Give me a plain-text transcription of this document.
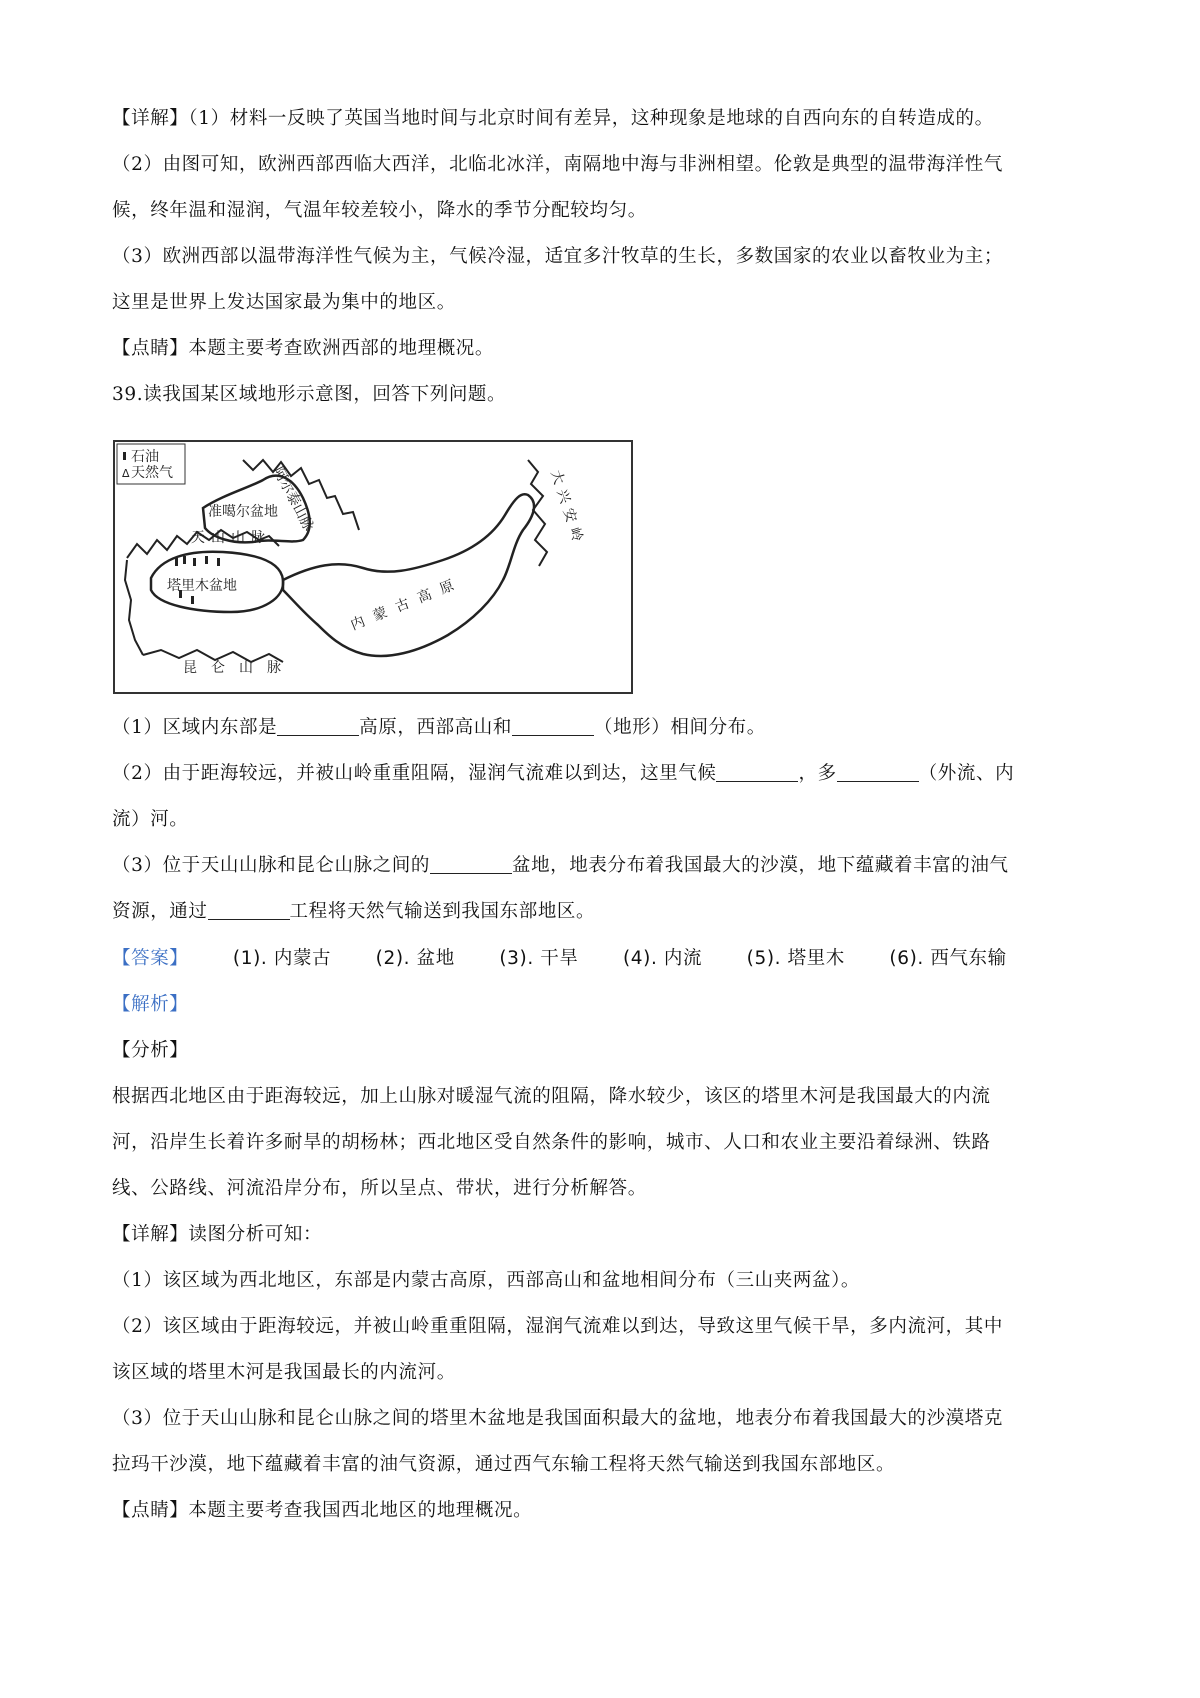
【详解】（1）材料一反映了英国当地时间与北京时间有差异，这种现象是地球的自西向东的自转造成的。
（2）由图可知，欧洲西部西临大西洋，北临北冰洋，南隔地中海与非洲相望。伦敦是典型的温带海洋性气
候，终年温和湿润，气温年较差较小，降水的季节分配较均匀。
（3）欧洲西部以温带海洋性气候为主，气候冷湿，适宜多汁牧草的生长，多数国家的农业以畜牧业为主；
这里是世界上发达国家最为集中的地区。
【点睛】本题主要考查欧洲西部的地理概况。
39.读我国某区域地形示意图，回答下列问题。
石油
ᐃ 天然气
准噶尔盆地
阿尔泰山脉
天山山脉
塔里木盆地
昆仑山脉
内蒙古高原
大兴安岭
（1）区域内东部是	高原，西部高山和	（地形）相间分布。
（2）由于距海较远，并被山岭重重阻隔，湿润气流难以到达，这里气候	，多	（外流、内
流）河。
（3）位于天山山脉和昆仑山脉之间的	盆地，地表分布着我国最大的沙漠，地下蕴藏着丰富的油气
资源，通过	工程将天然气输送到我国东部地区。
【答案】 (1). 内蒙古 (2). 盆地 (3). 干旱 (4). 内流 (5). 塔里木 (6). 西气东输
【解析】
【分析】
根据西北地区由于距海较远，加上山脉对暖湿气流的阻隔，降水较少，该区的塔里木河是我国最大的内流
河，沿岸生长着许多耐旱的胡杨林；西北地区受自然条件的影响，城市、人口和农业主要沿着绿洲、铁路
线、公路线、河流沿岸分布，所以呈点、带状，进行分析解答。
【详解】读图分析可知：
（1）该区域为西北地区，东部是内蒙古高原，西部高山和盆地相间分布（三山夹两盆）。
（2）该区域由于距海较远，并被山岭重重阻隔，湿润气流难以到达，导致这里气候干旱，多内流河，其中
该区域的塔里木河是我国最长的内流河。
（3）位于天山山脉和昆仑山脉之间的塔里木盆地是我国面积最大的盆地，地表分布着我国最大的沙漠塔克
拉玛干沙漠，地下蕴藏着丰富的油气资源，通过西气东输工程将天然气输送到我国东部地区。
【点睛】本题主要考查我国西北地区的地理概况。
